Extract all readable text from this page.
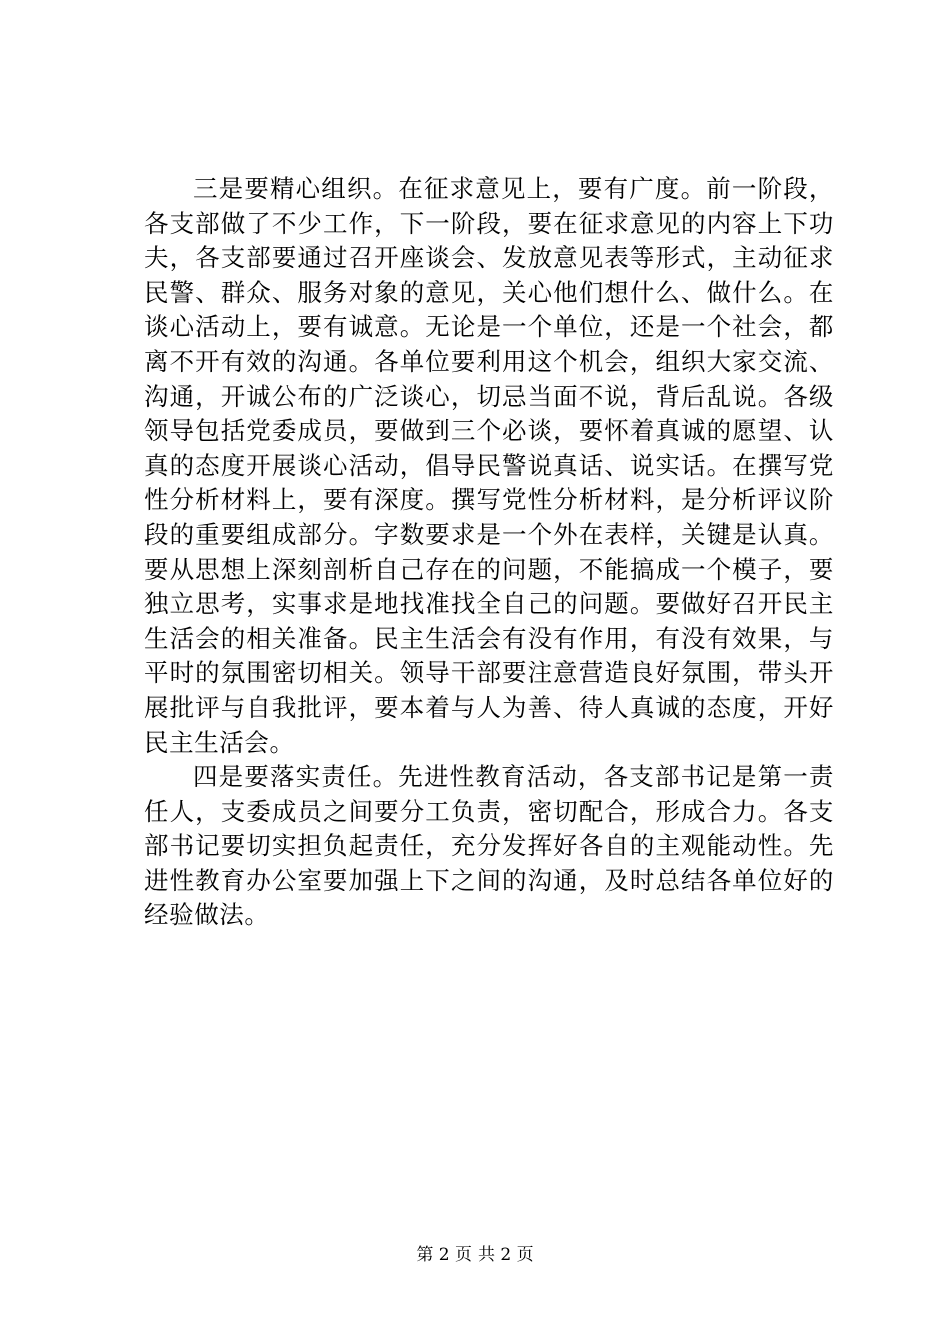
三是要精心组织。在征求意见上，要有广度。前一阶段，各支部做了不少工作，下一阶段，要在征求意见的内容上下功夫，各支部要通过召开座谈会、发放意见表等形式，主动征求民警、群众、服务对象的意见，关心他们想什么、做什么。在谈心活动上，要有诚意。无论是一个单位，还是一个社会，都离不开有效的沟通。各单位要利用这个机会，组织大家交流、沟通，开诚公布的广泛谈心，切忌当面不说，背后乱说。各级领导包括党委成员，要做到三个必谈，要怀着真诚的愿望、认真的态度开展谈心活动，倡导民警说真话、说实话。在撰写党性分析材料上，要有深度。撰写党性分析材料，是分析评议阶段的重要组成部分。字数要求是一个外在表样，关键是认真。要从思想上深刻剖析自己存在的问题，不能搞成一个模子，要独立思考，实事求是地找准找全自己的问题。要做好召开民主生活会的相关准备。民主生活会有没有作用，有没有效果，与平时的氛围密切相关。领导干部要注意营造良好氛围，带头开展批评与自我批评，要本着与人为善、待人真诚的态度，开好民主生活会。

四是要落实责任。先进性教育活动，各支部书记是第一责任人，支委成员之间要分工负责，密切配合，形成合力。各支部书记要切实担负起责任，充分发挥好各自的主观能动性。先进性教育办公室要加强上下之间的沟通，及时总结各单位好的经验做法。

第 2 页 共 2 页
